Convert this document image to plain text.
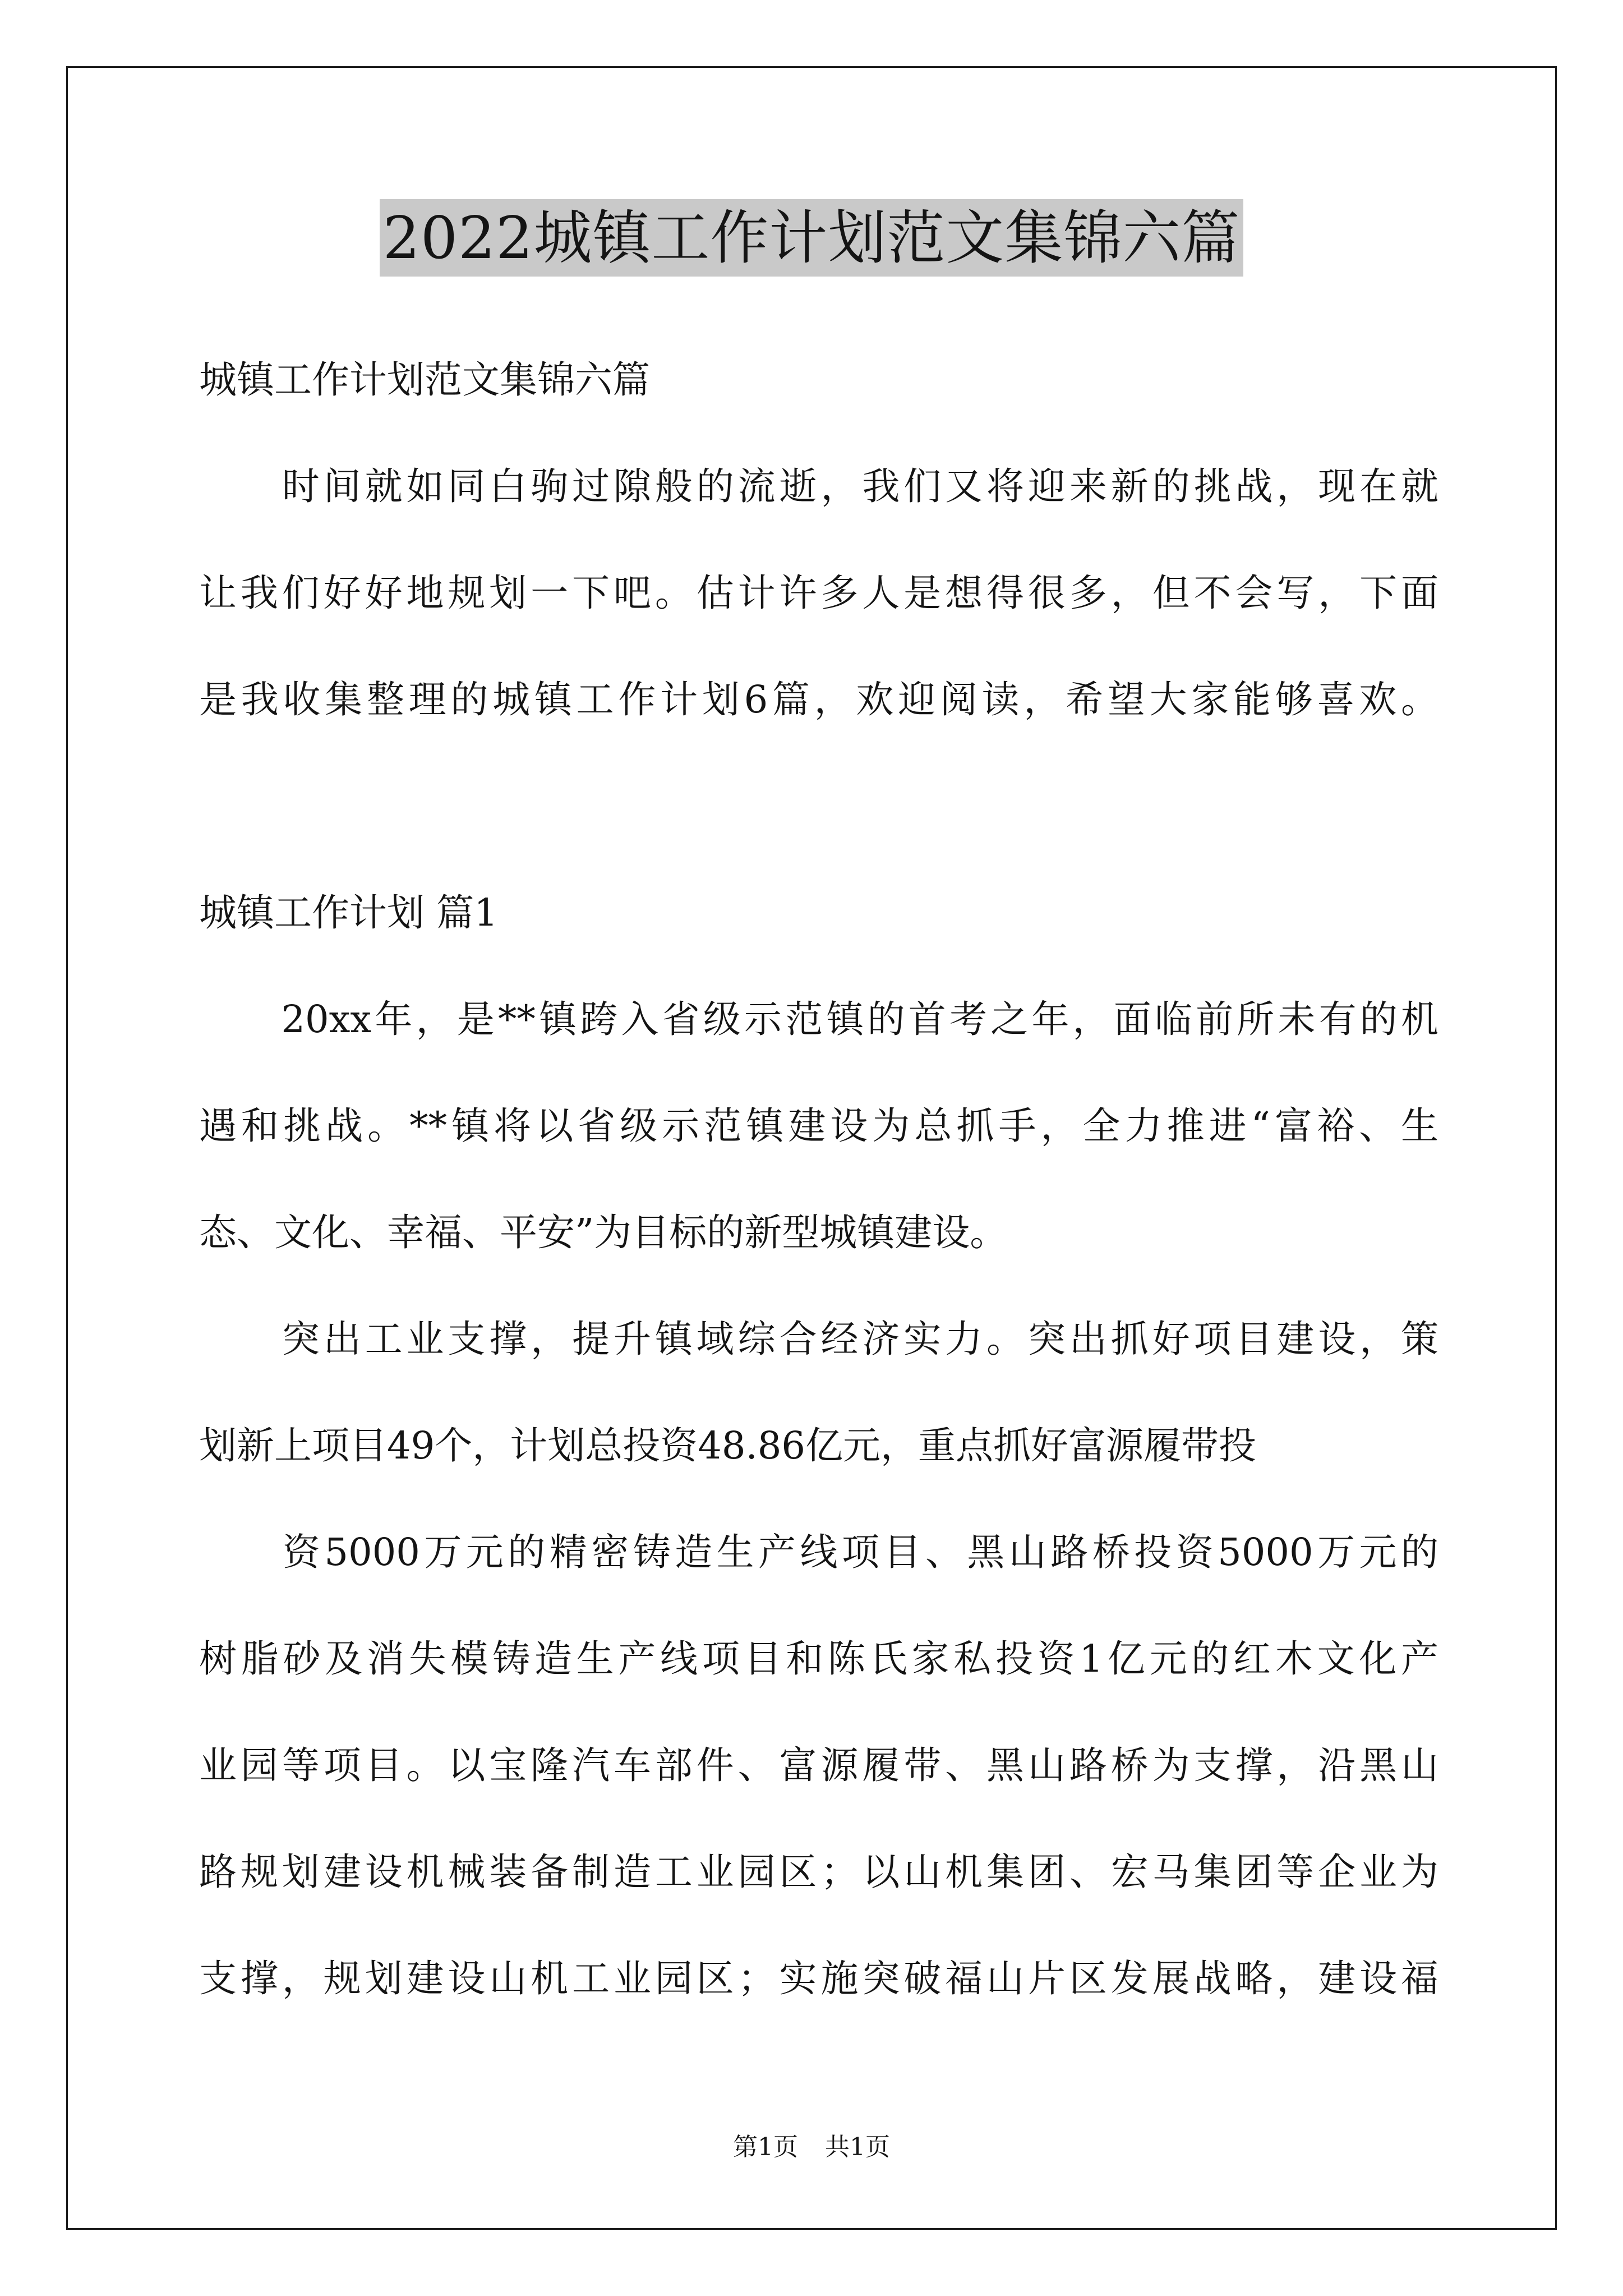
2022城镇工作计划范文集锦六篇
城镇工作计划范文集锦六篇
　　时间就如同白驹过隙般的流逝，我们又将迎来新的挑战，现在就
让我们好好地规划一下吧。估计许多人是想得很多，但不会写，下面
是我收集整理的城镇工作计划6篇，欢迎阅读，希望大家能够喜欢。
城镇工作计划 篇1
　　20xx年，是**镇跨入省级示范镇的首考之年，面临前所未有的机
遇和挑战。**镇将以省级示范镇建设为总抓手，全力推进“富裕、生
态、文化、幸福、平安”为目标的新型城镇建设。
　　突出工业支撑，提升镇域综合经济实力。突出抓好项目建设，策
划新上项目49个，计划总投资48.86亿元，重点抓好富源履带投
　　资5000万元的精密铸造生产线项目、黑山路桥投资5000万元的
树脂砂及消失模铸造生产线项目和陈氏家私投资1亿元的红木文化产
业园等项目。以宝隆汽车部件、富源履带、黑山路桥为支撑，沿黑山
路规划建设机械装备制造工业园区；以山机集团、宏马集团等企业为
支撑，规划建设山机工业园区；实施突破福山片区发展战略，建设福
第1页 共1页
